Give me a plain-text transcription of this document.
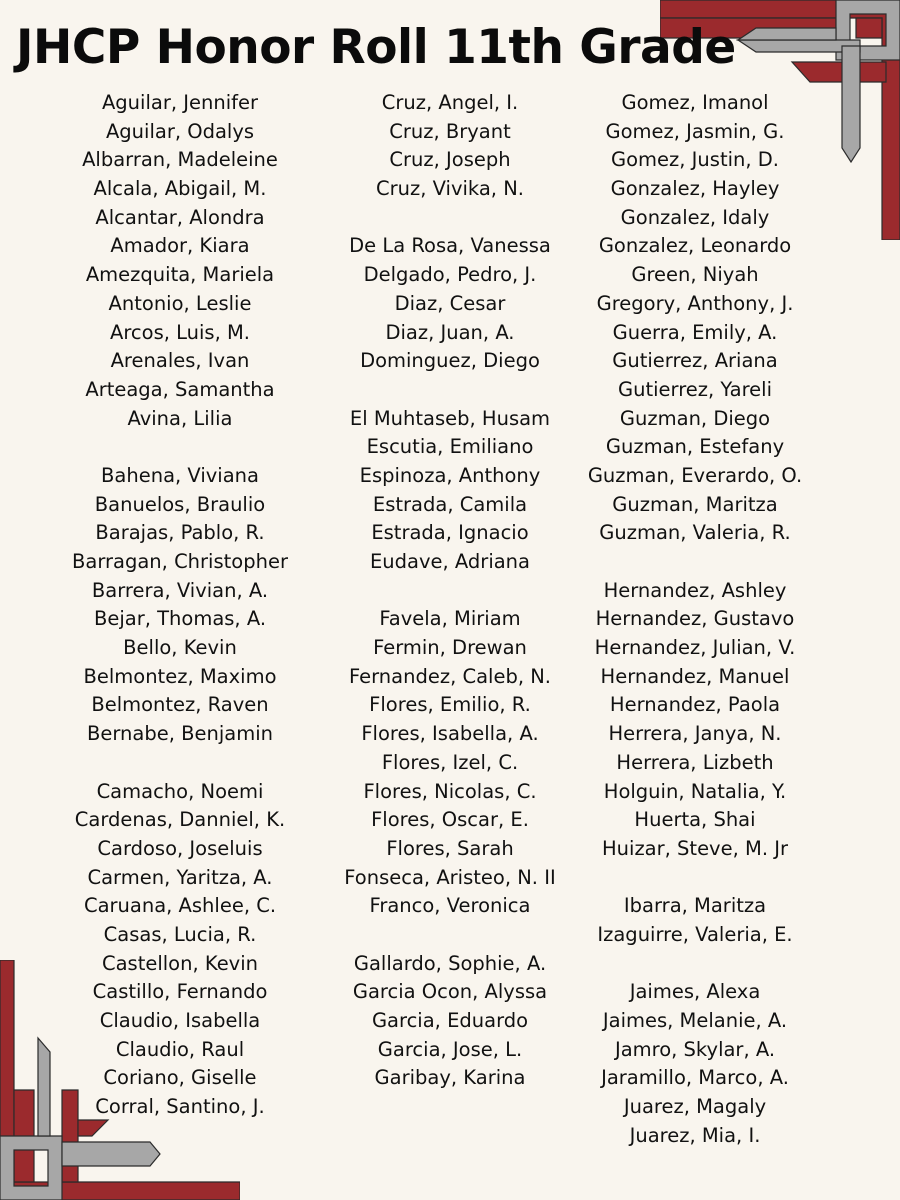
JHCP Honor Roll 11th Grade
Aguilar, Jennifer
Aguilar, Odalys
Albarran, Madeleine
Alcala, Abigail, M.
Alcantar, Alondra
Amador, Kiara
Amezquita, Mariela
Antonio, Leslie
Arcos, Luis, M.
Arenales, Ivan
Arteaga, Samantha
Avina, Lilia
Bahena, Viviana
Banuelos, Braulio
Barajas, Pablo, R.
Barragan, Christopher
Barrera, Vivian, A.
Bejar, Thomas, A.
Bello, Kevin
Belmontez, Maximo
Belmontez, Raven
Bernabe, Benjamin
Camacho, Noemi
Cardenas, Danniel, K.
Cardoso, Joseluis
Carmen, Yaritza, A.
Caruana, Ashlee, C.
Casas, Lucia, R.
Castellon, Kevin
Castillo, Fernando
Claudio, Isabella
Claudio, Raul
Coriano, Giselle
Corral, Santino, J.
Cruz, Angel, I.
Cruz, Bryant
Cruz, Joseph
Cruz, Vivika, N.
De La Rosa, Vanessa
Delgado, Pedro, J.
Diaz, Cesar
Diaz, Juan, A.
Dominguez, Diego
El Muhtaseb, Husam
Escutia, Emiliano
Espinoza, Anthony
Estrada, Camila
Estrada, Ignacio
Eudave, Adriana
Favela, Miriam
Fermin, Drewan
Fernandez, Caleb, N.
Flores, Emilio, R.
Flores, Isabella, A.
Flores, Izel, C.
Flores, Nicolas, C.
Flores, Oscar, E.
Flores, Sarah
Fonseca, Aristeo, N. II
Franco, Veronica
Gallardo, Sophie, A.
Garcia Ocon, Alyssa
Garcia, Eduardo
Garcia, Jose, L.
Garibay, Karina
Gomez, Imanol
Gomez, Jasmin, G.
Gomez, Justin, D.
Gonzalez, Hayley
Gonzalez, Idaly
Gonzalez, Leonardo
Green, Niyah
Gregory, Anthony, J.
Guerra, Emily, A.
Gutierrez, Ariana
Gutierrez, Yareli
Guzman, Diego
Guzman, Estefany
Guzman, Everardo, O.
Guzman, Maritza
Guzman, Valeria, R.
Hernandez, Ashley
Hernandez, Gustavo
Hernandez, Julian, V.
Hernandez, Manuel
Hernandez, Paola
Herrera, Janya, N.
Herrera, Lizbeth
Holguin, Natalia, Y.
Huerta, Shai
Huizar, Steve, M. Jr
Ibarra, Maritza
Izaguirre, Valeria, E.
Jaimes, Alexa
Jaimes, Melanie, A.
Jamro, Skylar, A.
Jaramillo, Marco, A.
Juarez, Magaly
Juarez, Mia, I.
